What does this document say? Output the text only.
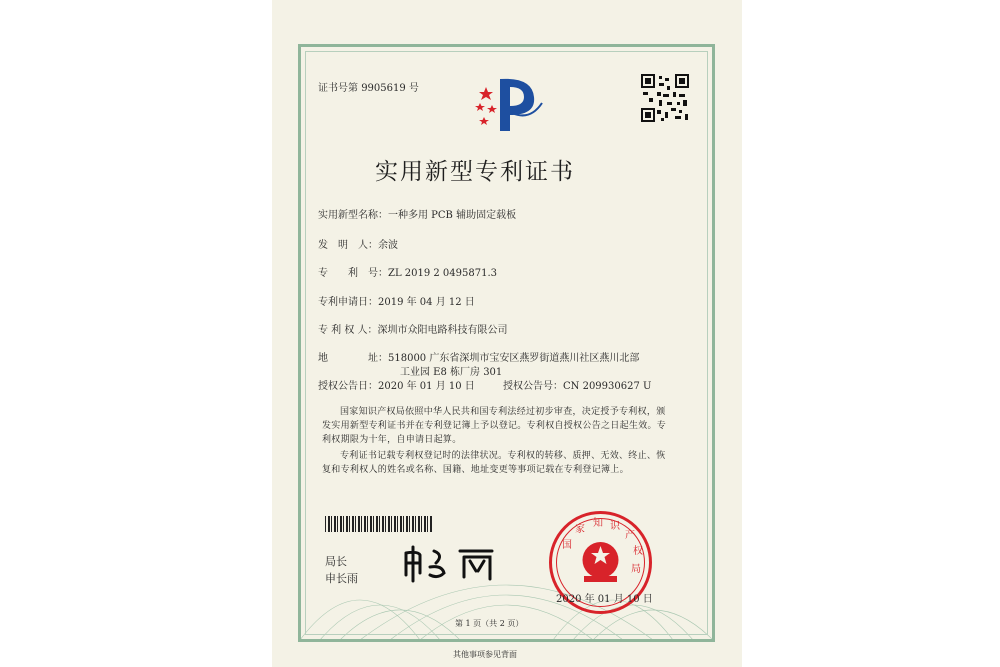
证书号第 9905619 号
实用新型专利证书
实用新型名称：一种多用 PCB 辅助固定载板
发　明　人：余波
专　　利　号：ZL 2019 2 0495871.3
专利申请日：2019 年 04 月 12 日
专 利 权 人：深圳市众阳电路科技有限公司
地　　　　址：518000 广东省深圳市宝安区燕罗街道燕川社区燕川北部
工业园 E8 栋厂房 301
授权公告日：2020 年 01 月 10 日	授权公告号：CN 209930627 U
国家知识产权局依照中华人民共和国专利法经过初步审查，决定授予专利权，颁发实用新型专利证书并在专利登记簿上予以登记。专利权自授权公告之日起生效。专利权期限为十年，自申请日起算。
专利证书记载专利权登记时的法律状况。专利权的转移、质押、无效、终止、恢复和专利权人的姓名或名称、国籍、地址变更等事项记载在专利登记簿上。
局长
申长雨
国
家
知 识
产
权
局
2020 年 01 月 10 日
第 1 页（共 2 页）
其他事项参见背面
